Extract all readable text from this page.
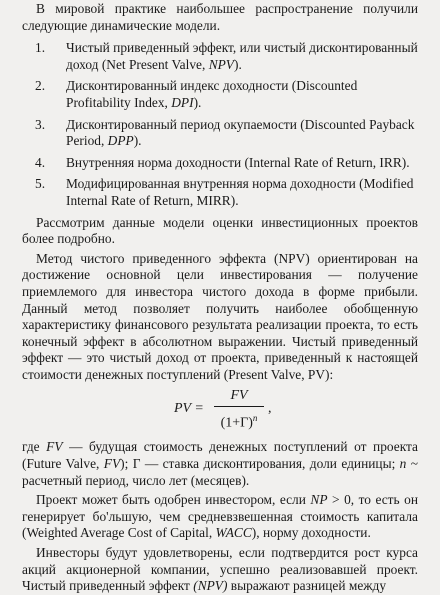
В мировой практике наибольшее распространение получили следующие динамические модели.

1. Чистый приведенный эффект, или чистый дисконтированный доход (Net Present Valve, NPV).
2. Дисконтированный индекс доходности (Discounted Profitability Index, DPI).
3. Дисконтированный период окупаемости (Discounted Payback Period, DPP).
4. Внутренняя норма доходности (Internal Rate of Return, IRR).
5. Модифицированная внутренняя норма доходности (Modified Internal Rate of Return, MIRR).

Рассмотрим данные модели оценки инвестиционных проектов более подробно.

Метод чистого приведенного эффекта (NPV) ориентирован на достижение основной цели инвестирования — получение приемлемого для инвестора чистого дохода в форме прибыли. Данный метод позволяет получить наиболее обобщенную характеристику финансового результата реализации проекта, то есть конечный эффект в абсолютном выражении. Чистый приведенный эффект — это чистый доход от проекта, приведенный к настоящей стоимости денежных поступлений (Present Valve, PV):

PV =
FV
$(1+Г)^n$
,

где FV — будущая стоимость денежных поступлений от проекта (Future Valve, FV); Г — ставка дисконтирования, доли единицы; n ~ расчетный период, число лет (месяцев).

Проект может быть одобрен инвестором, если NP > 0, то есть он генерирует бо'льшую, чем средневзвешенная стоимость капитала (Weighted Average Cost of Capital, WACC), норму доходности.

Инвесторы будут удовлетворены, если подтвердится рост курса акций акционерной компании, успешно реализовавшей проект. Чистый приведенный эффект (NPV) выражают разницей между
